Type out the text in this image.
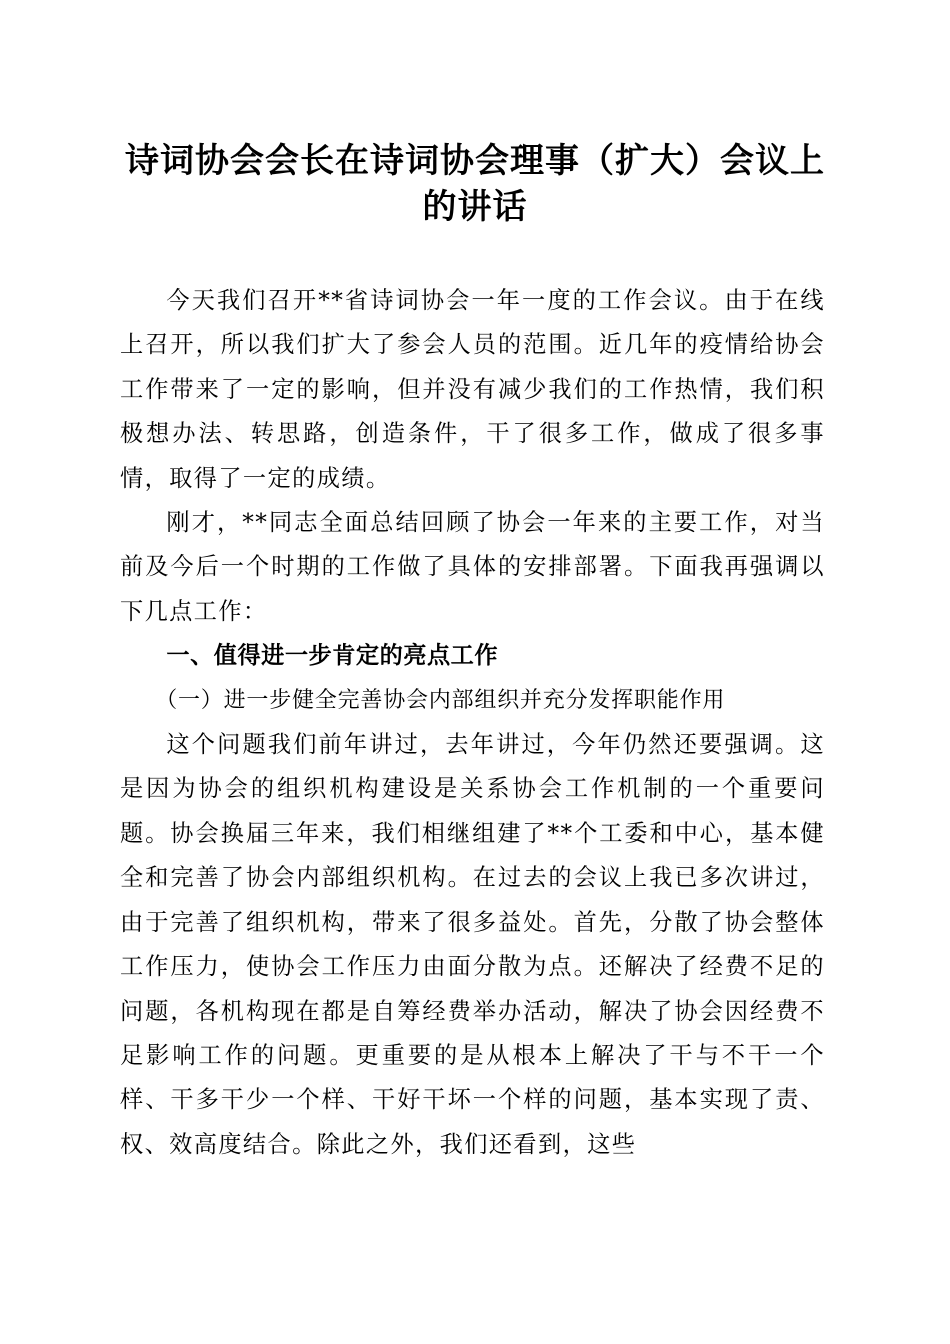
诗词协会会长在诗词协会理事（扩大）会议上的讲话

今天我们召开**省诗词协会一年一度的工作会议。由于在线上召开，所以我们扩大了参会人员的范围。近几年的疫情给协会工作带来了一定的影响，但并没有减少我们的工作热情，我们积极想办法、转思路，创造条件，干了很多工作，做成了很多事情，取得了一定的成绩。

刚才，**同志全面总结回顾了协会一年来的主要工作，对当前及今后一个时期的工作做了具体的安排部署。下面我再强调以下几点工作：

一、值得进一步肯定的亮点工作

（一）进一步健全完善协会内部组织并充分发挥职能作用

这个问题我们前年讲过，去年讲过，今年仍然还要强调。这是因为协会的组织机构建设是关系协会工作机制的一个重要问题。协会换届三年来，我们相继组建了**个工委和中心，基本健全和完善了协会内部组织机构。在过去的会议上我已多次讲过，由于完善了组织机构，带来了很多益处。首先，分散了协会整体工作压力，使协会工作压力由面分散为点。还解决了经费不足的问题，各机构现在都是自筹经费举办活动，解决了协会因经费不足影响工作的问题。更重要的是从根本上解决了干与不干一个样、干多干少一个样、干好干坏一个样的问题，基本实现了责、权、效高度结合。除此之外，我们还看到，这些
